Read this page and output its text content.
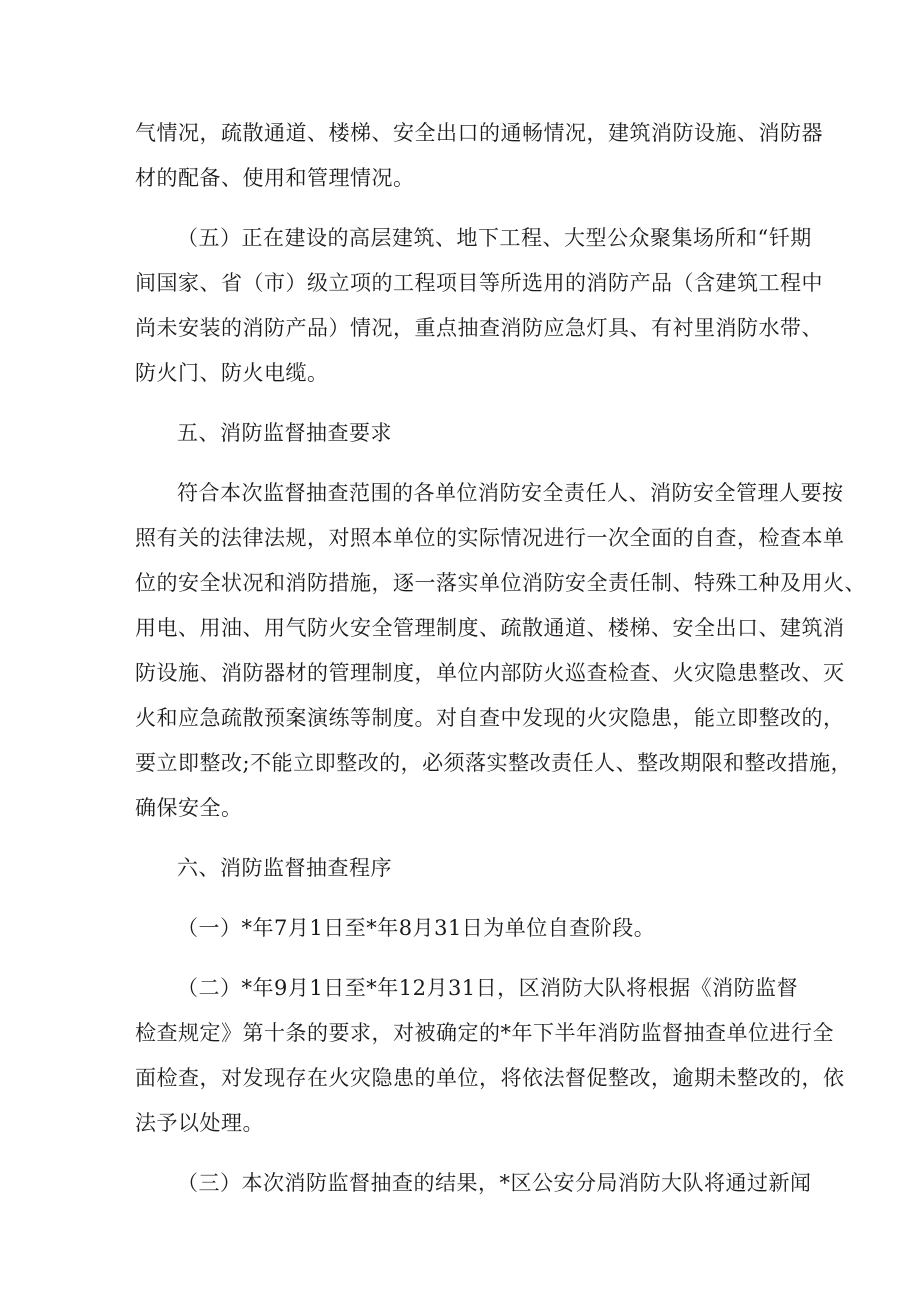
气情况，疏散通道、楼梯、安全出口的通畅情况，建筑消防设施、消防器
材的配备、使用和管理情况。

（五）正在建设的高层建筑、地下工程、大型公众聚集场所和“钎期
间国家、省（市）级立项的工程项目等所选用的消防产品（含建筑工程中
尚未安装的消防产品）情况，重点抽查消防应急灯具、有衬里消防水带、
防火门、防火电缆。

五、消防监督抽查要求

符合本次监督抽查范围的各单位消防安全责任人、消防安全管理人要按
照有关的法律法规，对照本单位的实际情况进行一次全面的自查，检查本单
位的安全状况和消防措施，逐一落实单位消防安全责任制、特殊工种及用火、
用电、用油、用气防火安全管理制度、疏散通道、楼梯、安全出口、建筑消
防设施、消防器材的管理制度，单位内部防火巡查检查、火灾隐患整改、灭
火和应急疏散预案演练等制度。对自查中发现的火灾隐患，能立即整改的，
要立即整改;不能立即整改的，必须落实整改责任人、整改期限和整改措施，
确保安全。

六、消防监督抽查程序

（一）*年7月1日至*年8月31日为单位自查阶段。

（二）*年9月1日至*年12月31日，区消防大队将根据《消防监督
检查规定》第十条的要求，对被确定的*年下半年消防监督抽查单位进行全
面检查，对发现存在火灾隐患的单位，将依法督促整改，逾期未整改的，依
法予以处理。

（三）本次消防监督抽查的结果，*区公安分局消防大队将通过新闻
